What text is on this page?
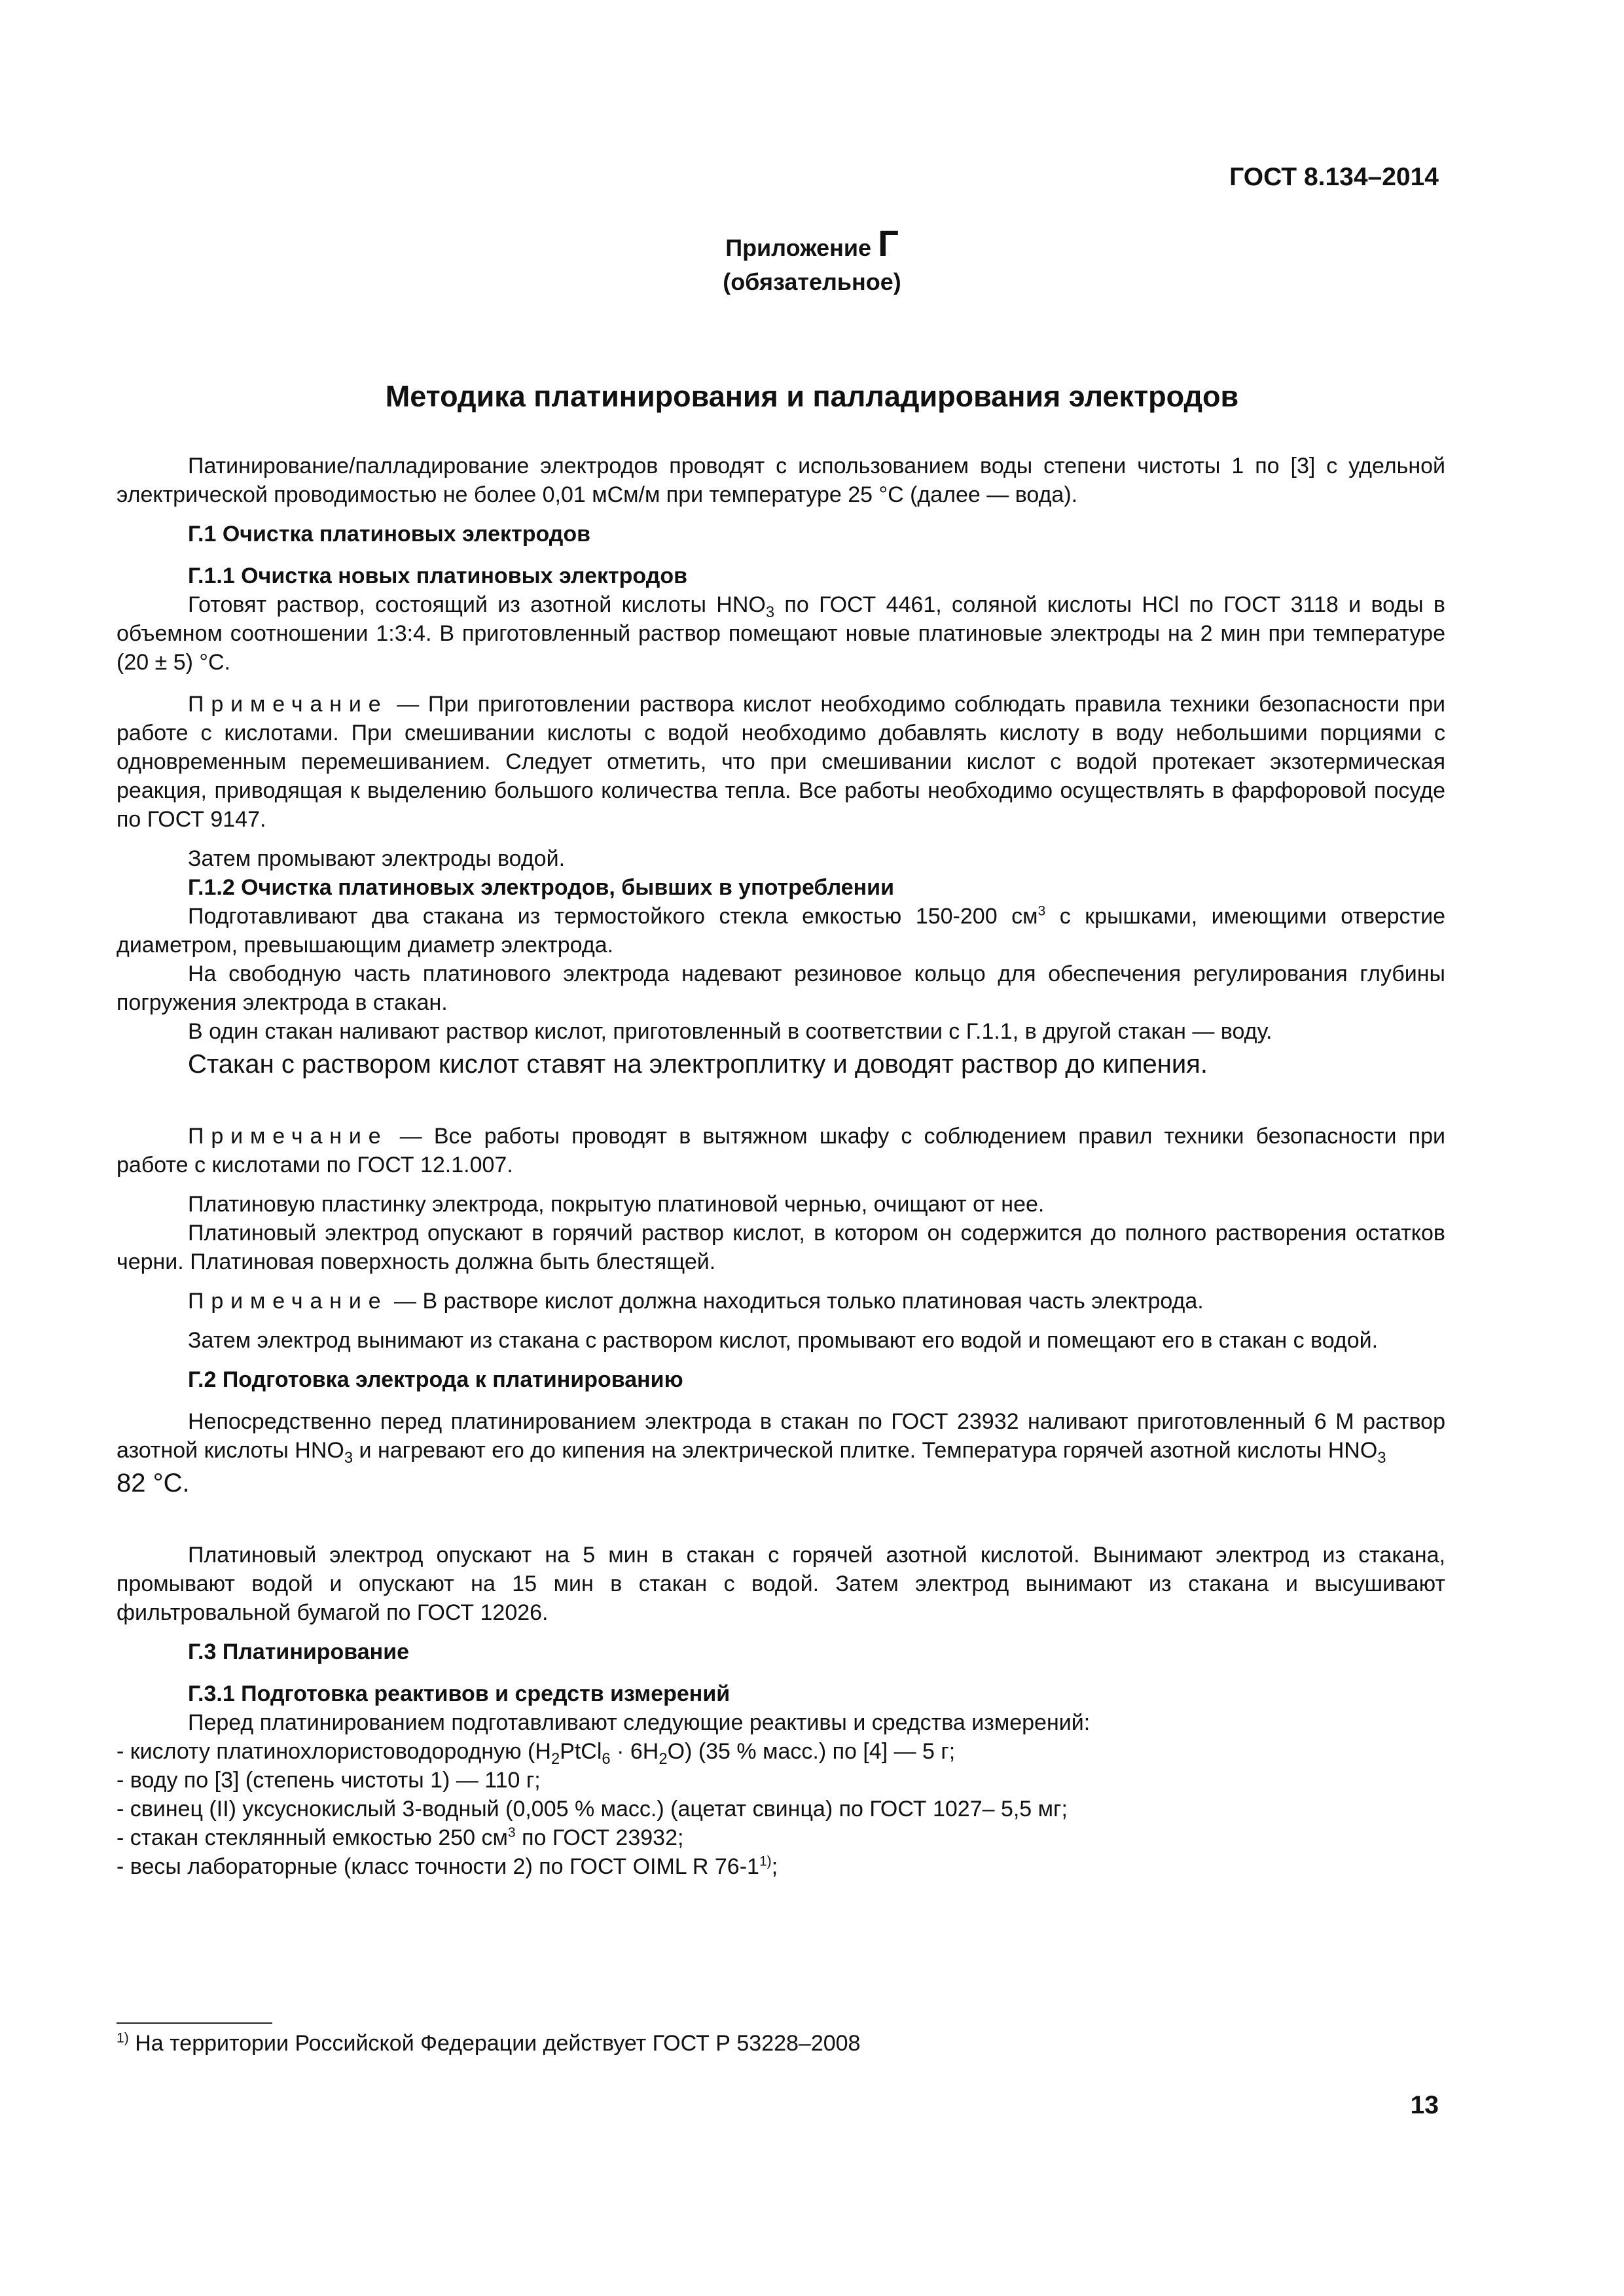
ГОСТ 8.134–2014
Приложение Г
(обязательное)
Методика платинирования и палладирования электродов

Патинирование/палладирование электродов проводят с использованием воды степени чистоты 1 по [3] с удельной электрической проводимостью не более 0,01 мСм/м при температуре 25 °С (далее — вода).

Г.1 Очистка платиновых электродов

Г.1.1 Очистка новых платиновых электродов

Готовят раствор, состоящий из азотной кислоты $HNO_3$ по ГОСТ 4461, соляной кислоты HCl по ГОСТ 3118 и воды в объемном соотношении 1:3:4. В приготовленный раствор помещают новые платиновые электроды на 2 мин при температуре (20 ± 5) °С.

Примечание — При приготовлении раствора кислот необходимо соблюдать правила техники безопасности при работе с кислотами. При смешивании кислоты с водой необходимо добавлять кислоту в воду небольшими порциями с одновременным перемешиванием. Следует отметить, что при смешивании кислот с водой протекает экзотермическая реакция, приводящая к выделению большого количества тепла. Все работы необходимо осуществлять в фарфоровой посуде по ГОСТ 9147.

Затем промывают электроды водой.

Г.1.2 Очистка платиновых электродов, бывших в употреблении

Подготавливают два стакана из термостойкого стекла емкостью 150-200 $см^3$ с крышками, имеющими отверстие диаметром, превышающим диаметр электрода.

На свободную часть платинового электрода надевают резиновое кольцо для обеспечения регулирования глубины погружения электрода в стакан.

В один стакан наливают раствор кислот, приготовленный в соответствии с Г.1.1, в другой стакан — воду.

Стакан с раствором кислот ставят на электроплитку и доводят раствор до кипения.

Примечание — Все работы проводят в вытяжном шкафу с соблюдением правил техники безопасности при работе с кислотами по ГОСТ 12.1.007.

Платиновую пластинку электрода, покрытую платиновой чернью, очищают от нее.

Платиновый электрод опускают в горячий раствор кислот, в котором он содержится до полного растворения остатков черни. Платиновая поверхность должна быть блестящей.

Примечание — В растворе кислот должна находиться только платиновая часть электрода.

Затем электрод вынимают из стакана с раствором кислот, промывают его водой и помещают его в стакан с водой.

Г.2 Подготовка электрода к платинированию

Непосредственно перед платинированием электрода в стакан по ГОСТ 23932 наливают приготовленный 6 М раствор азотной кислоты $HNO_3$ и нагревают его до кипения на электрической плитке. Температура горячей азотной кислоты $HNO_3$

82 °С.

Платиновый электрод опускают на 5 мин в стакан с горячей азотной кислотой. Вынимают электрод из стакана, промывают водой и опускают на 15 мин в стакан с водой. Затем электрод вынимают из стакана и высушивают фильтровальной бумагой по ГОСТ 12026.

Г.3 Платинирование

Г.3.1 Подготовка реактивов и средств измерений

Перед платинированием подготавливают следующие реактивы и средства измерений:

- кислоту платинохлористоводородную $(H_2PtCl_6 \cdot 6H_2O)$ (35 % масс.) по [4] — 5 г;

- воду по [3] (степень чистоты 1) — 110 г;

- свинец (II) уксуснокислый 3-водный (0,005 % масс.) (ацетат свинца) по ГОСТ 1027– 5,5 мг;

- стакан стеклянный емкостью 250 $см^3$ по ГОСТ 23932;

- весы лабораторные (класс точности 2) по ГОСТ OIML R 76-1$^{1)}$;

$^{1)}$ На территории Российской Федерации действует ГОСТ Р 53228–2008
13
